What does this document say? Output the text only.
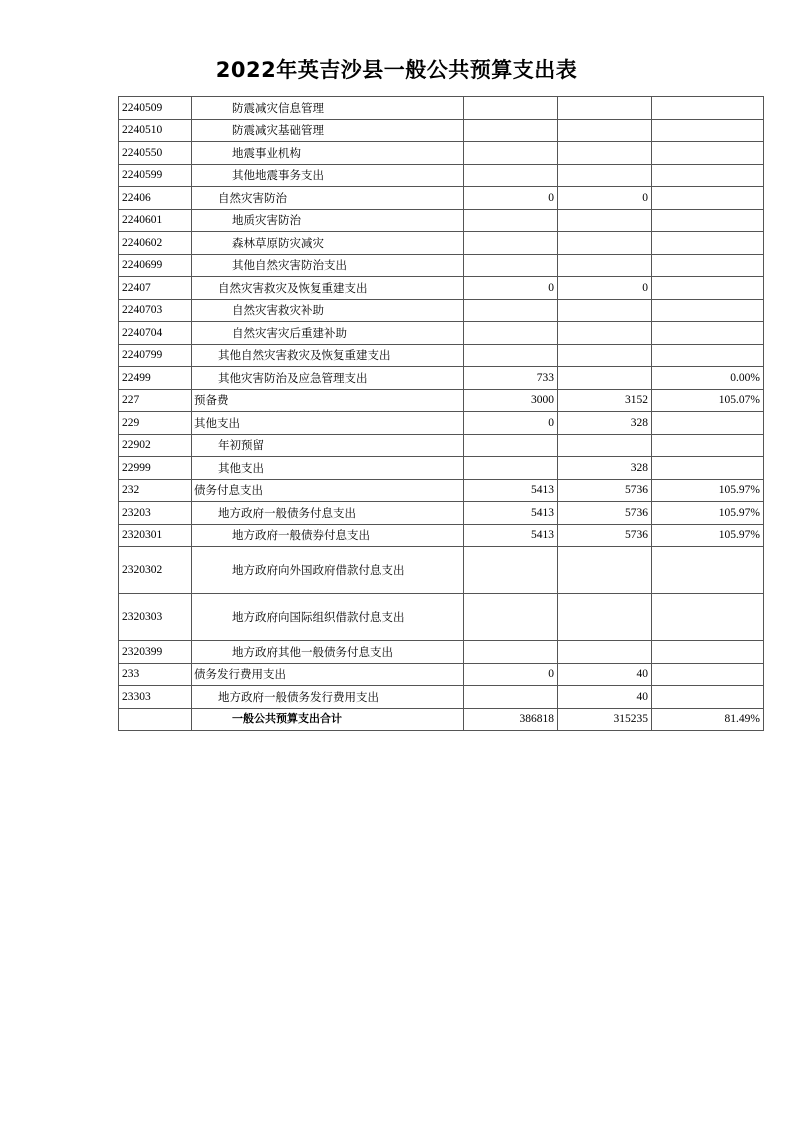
2022年英吉沙县一般公共预算支出表
2240509	防震减灾信息管理			
2240510	防震减灾基础管理			
2240550	地震事业机构			
2240599	其他地震事务支出			
22406	自然灾害防治	0	0	
2240601	地质灾害防治			
2240602	森林草原防灾减灾			
2240699	其他自然灾害防治支出			
22407	自然灾害救灾及恢复重建支出	0	0	
2240703	自然灾害救灾补助			
2240704	自然灾害灾后重建补助			
2240799	其他自然灾害救灾及恢复重建支出			
22499	其他灾害防治及应急管理支出	733		0.00%
227	预备费	3000	3152	105.07%
229	其他支出	0	328	
22902	年初预留			
22999	其他支出		328	
232	债务付息支出	5413	5736	105.97%
23203	地方政府一般债务付息支出	5413	5736	105.97%
2320301	地方政府一般债券付息支出	5413	5736	105.97%
2320302	地方政府向外国政府借款付息支出			
2320303	地方政府向国际组织借款付息支出			
2320399	地方政府其他一般债务付息支出			
233	债务发行费用支出	0	40	
23303	地方政府一般债务发行费用支出		40	
	一般公共预算支出合计	386818	315235	81.49%
